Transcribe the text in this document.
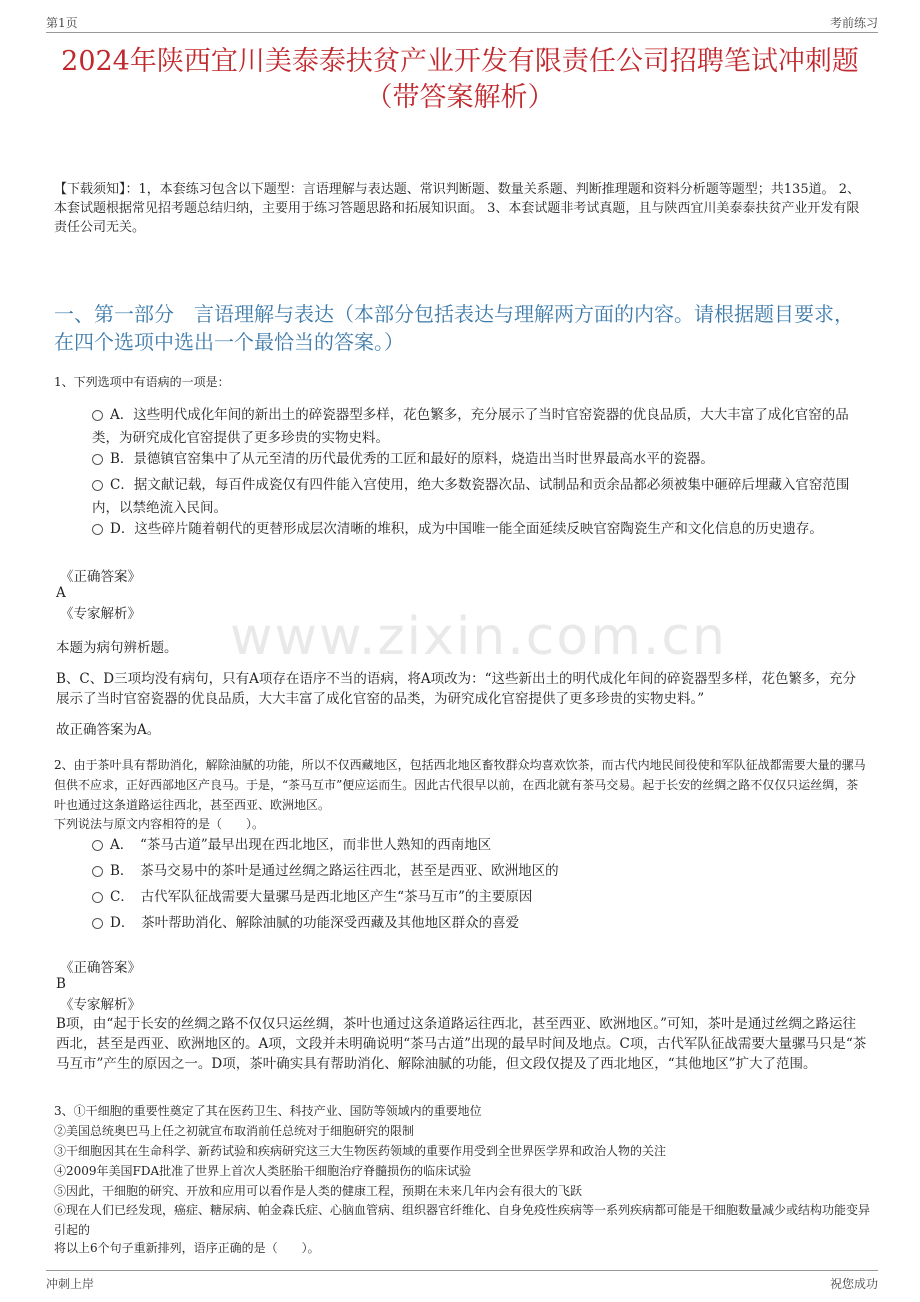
第1页	考前练习
2024年陕西宜川美泰泰扶贫产业开发有限责任公司招聘笔试冲刺题（带答案解析）
【下载须知】：1，本套练习包含以下题型：言语理解与表达题、常识判断题、数量关系题、判断推理题和资料分析题等题型；共135道。 2、本套试题根据常见招考题总结归纳，主要用于练习答题思路和拓展知识面。 3、本套试题非考试真题，且与陕西宜川美泰泰扶贫产业开发有限责任公司无关。
一、第一部分　言语理解与表达（本部分包括表达与理解两方面的内容。请根据题目要求，在四个选项中选出一个最恰当的答案。）
1、下列选项中有语病的一项是：
A．这些明代成化年间的新出土的碎瓷器型多样，花色繁多，充分展示了当时官窑瓷器的优良品质，大大丰富了成化官窑的品类，为研究成化官窑提供了更多珍贵的实物史料。
B．景德镇官窑集中了从元至清的历代最优秀的工匠和最好的原料，烧造出当时世界最高水平的瓷器。
C．据文献记载，每百件成瓷仅有四件能入宫使用，绝大多数瓷器次品、试制品和贡余品都必须被集中砸碎后埋藏入官窑范围内，以禁绝流入民间。
D．这些碎片随着朝代的更替形成层次清晰的堆积，成为中国唯一能全面延续反映官窑陶瓷生产和文化信息的历史遗存。
《正确答案》
A
《专家解析》 www.zixin.com.cn
本题为病句辨析题。
B、C、D三项均没有病句，只有A项存在语序不当的语病，将A项改为：“这些新出土的明代成化年间的碎瓷器型多样，花色繁多，充分展示了当时官窑瓷器的优良品质，大大丰富了成化官窑的品类，为研究成化官窑提供了更多珍贵的实物史料。”
故正确答案为A。
2、由于茶叶具有帮助消化，解除油腻的功能，所以不仅西藏地区，包括西北地区畜牧群众均喜欢饮茶，而古代内地民间役使和军队征战都需要大量的骡马但供不应求，正好西部地区产良马。于是，“茶马互市”便应运而生。因此古代很早以前，在西北就有茶马交易。起于长安的丝绸之路不仅仅只运丝绸，茶叶也通过这条道路运往西北，甚至西亚、欧洲地区。
下列说法与原文内容相符的是（　　）。
A．　“茶马古道”最早出现在西北地区，而非世人熟知的西南地区
B．　茶马交易中的茶叶是通过丝绸之路运往西北，甚至是西亚、欧洲地区的
C．　古代军队征战需要大量骡马是西北地区产生“茶马互市”的主要原因
D．　茶叶帮助消化、解除油腻的功能深受西藏及其他地区群众的喜爱
《正确答案》
B
《专家解析》
B项，由“起于长安的丝绸之路不仅仅只运丝绸，茶叶也通过这条道路运往西北，甚至西亚、欧洲地区。”可知，茶叶是通过丝绸之路运往西北，甚至是西亚、欧洲地区的。A项，文段并未明确说明“茶马古道”出现的最早时间及地点。C项，古代军队征战需要大量骡马只是“茶马互市”产生的原因之一。D项，茶叶确实具有帮助消化、解除油腻的功能，但文段仅提及了西北地区，“其他地区”扩大了范围。
3、①干细胞的重要性奠定了其在医药卫生、科技产业、国防等领域内的重要地位
②美国总统奥巴马上任之初就宣布取消前任总统对于细胞研究的限制
③干细胞因其在生命科学、新药试验和疾病研究这三大生物医药领域的重要作用受到全世界医学界和政治人物的关注
④2009年美国FDA批准了世界上首次人类胚胎干细胞治疗脊髓损伤的临床试验
⑤因此，干细胞的研究、开放和应用可以看作是人类的健康工程，预期在未来几年内会有很大的飞跃
⑥现在人们已经发现，癌症、糖尿病、帕金森氏症、心脑血管病、组织器官纤维化、自身免疫性疾病等一系列疾病都可能是干细胞数量减少或结构功能变异引起的
将以上6个句子重新排列，语序正确的是（　　）。
冲刺上岸	祝您成功
